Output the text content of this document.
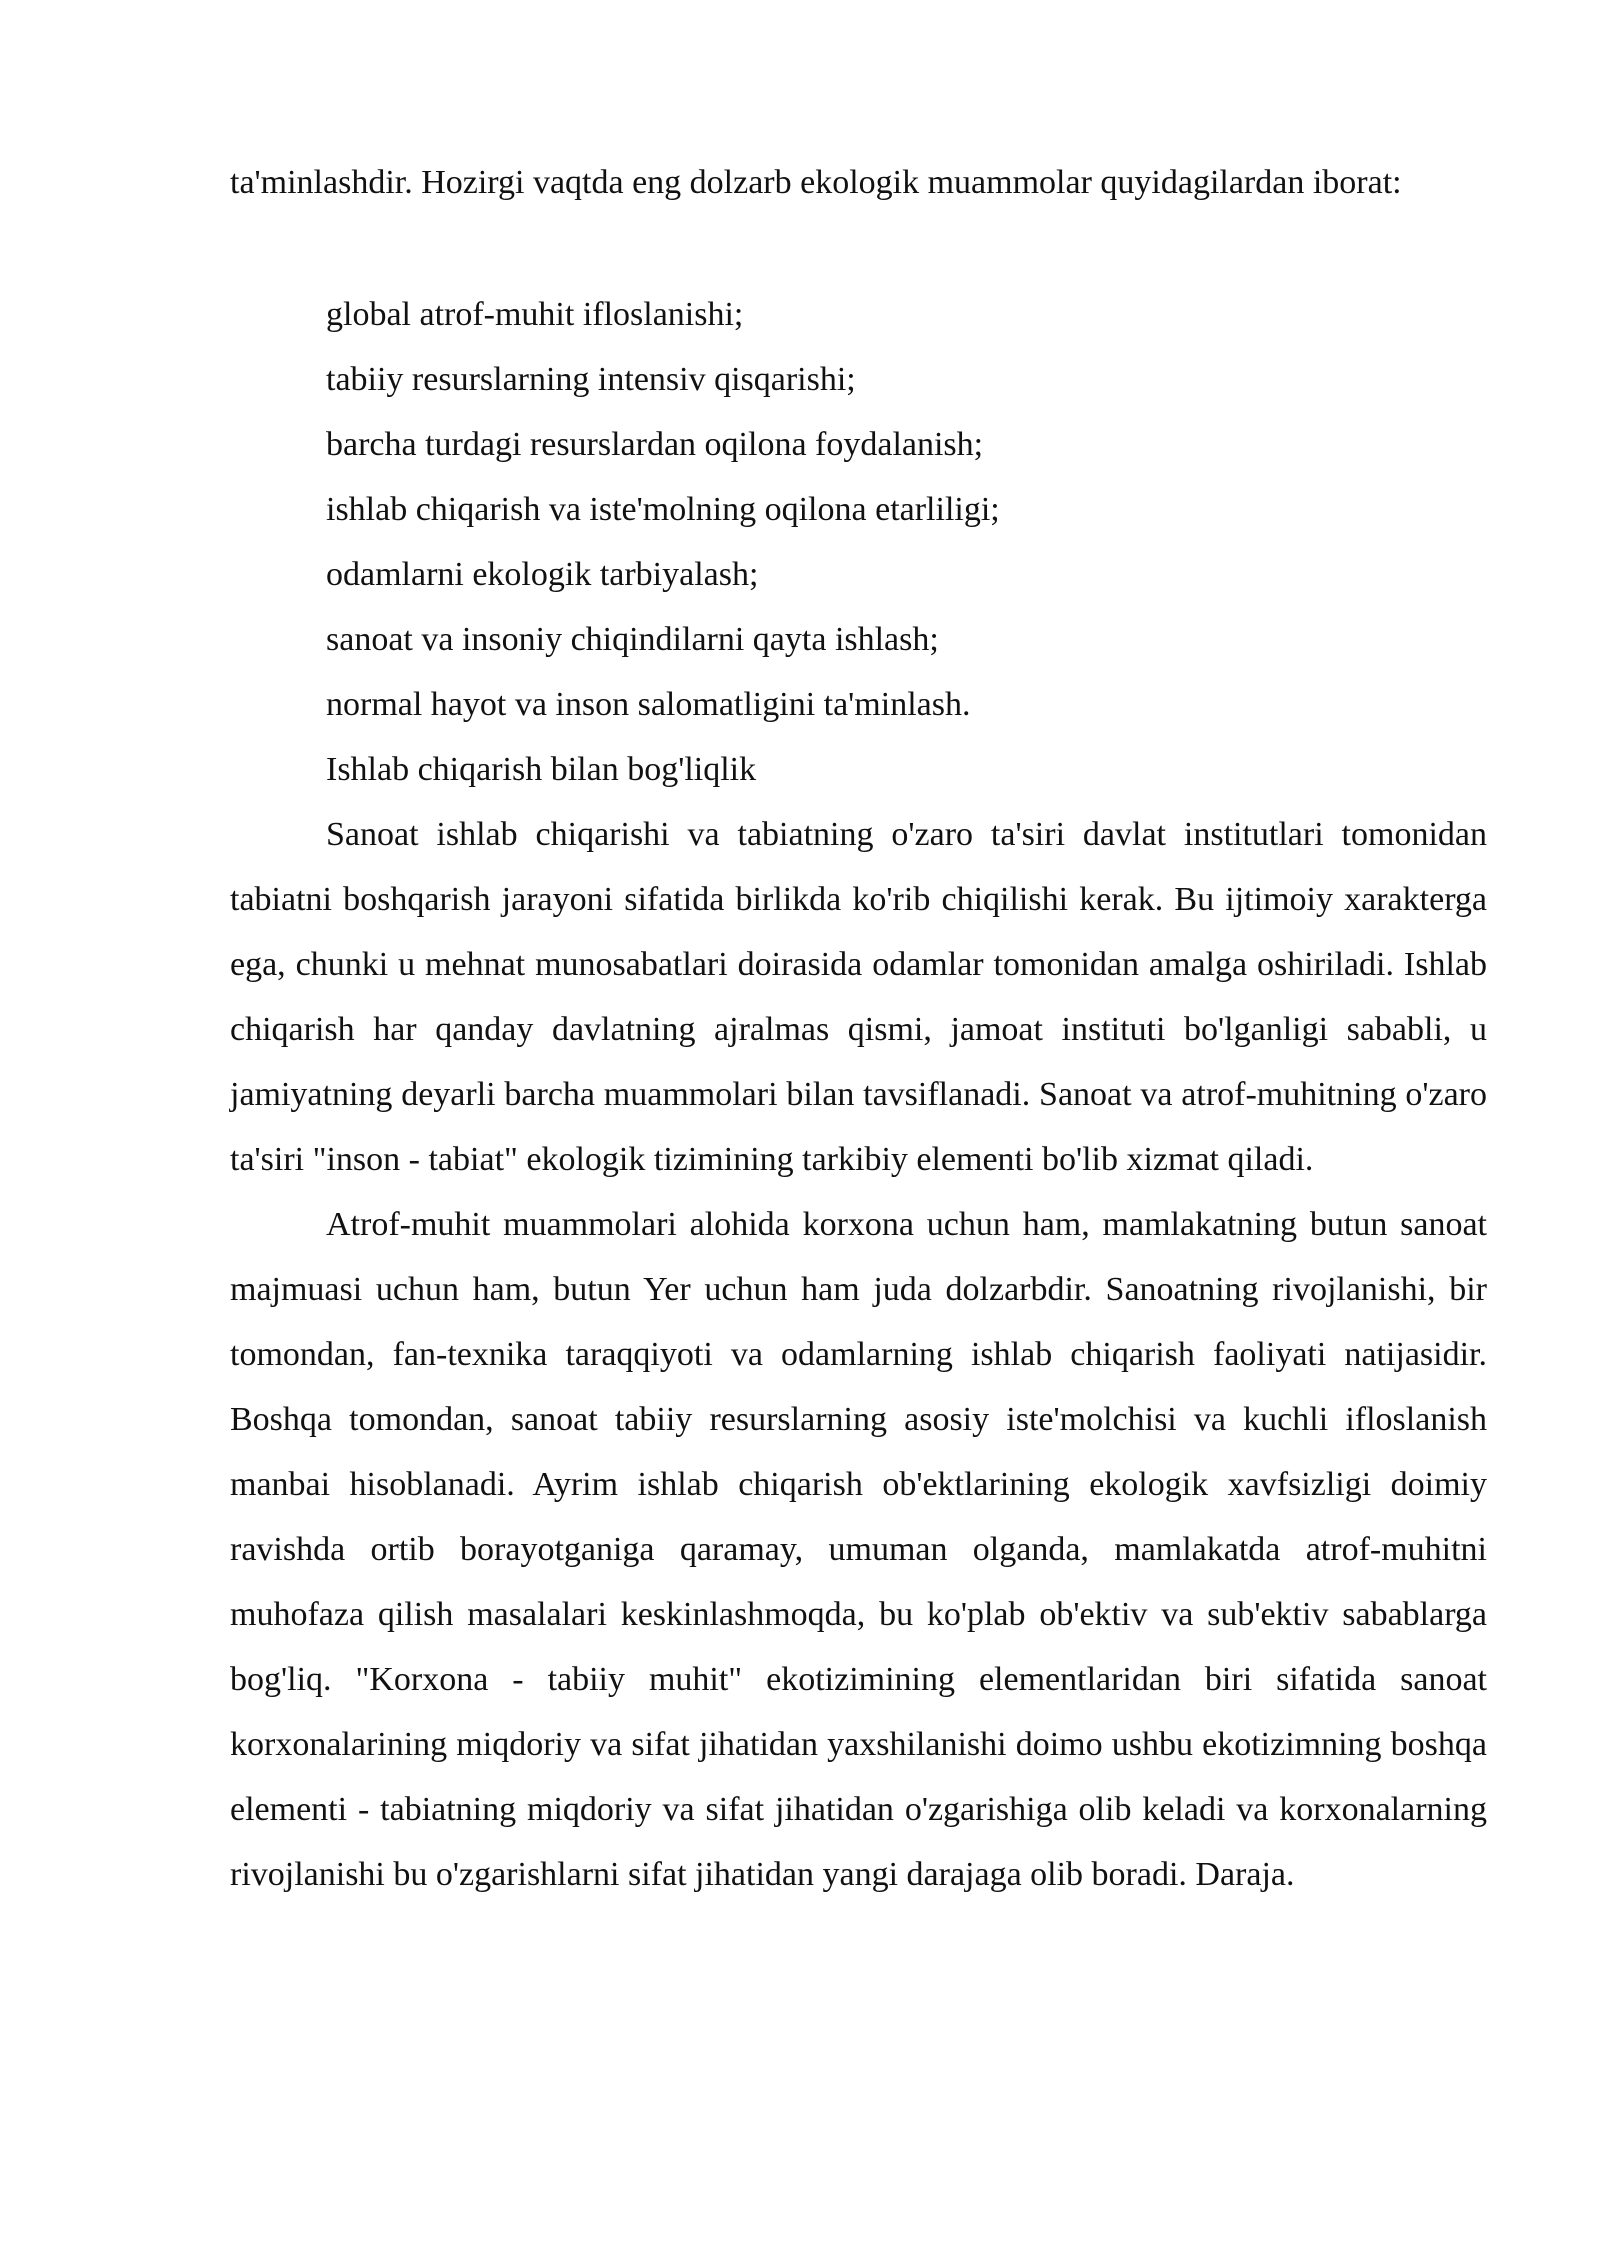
ta'minlashdir. Hozirgi vaqtda eng dolzarb ekologik muammolar quyidagilardan iborat:

global atrof-muhit ifloslanishi;
tabiiy resurslarning intensiv qisqarishi;
barcha turdagi resurslardan oqilona foydalanish;
ishlab chiqarish va iste'molning oqilona etarliligi;
odamlarni ekologik tarbiyalash;
sanoat va insoniy chiqindilarni qayta ishlash;
normal hayot va inson salomatligini ta'minlash.

Ishlab chiqarish bilan bog'liqlik

Sanoat ishlab chiqarishi va tabiatning o'zaro ta'siri davlat institutlari tomonidan tabiatni boshqarish jarayoni sifatida birlikda ko'rib chiqilishi kerak. Bu ijtimoiy xarakterga ega, chunki u mehnat munosabatlari doirasida odamlar tomonidan amalga oshiriladi. Ishlab chiqarish har qanday davlatning ajralmas qismi, jamoat instituti bo'lganligi sababli, u jamiyatning deyarli barcha muammolari bilan tavsiflanadi. Sanoat va atrof-muhitning o'zaro ta'siri "inson - tabiat" ekologik tizimining tarkibiy elementi bo'lib xizmat qiladi.

Atrof-muhit muammolari alohida korxona uchun ham, mamlakatning butun sanoat majmuasi uchun ham, butun Yer uchun ham juda dolzarbdir. Sanoatning rivojlanishi, bir tomondan, fan-texnika taraqqiyoti va odamlarning ishlab chiqarish faoliyati natijasidir. Boshqa tomondan, sanoat tabiiy resurslarning asosiy iste'molchisi va kuchli ifloslanish manbai hisoblanadi. Ayrim ishlab chiqarish ob'ektlarining ekologik xavfsizligi doimiy ravishda ortib borayotganiga qaramay, umuman olganda, mamlakatda atrof-muhitni muhofaza qilish masalalari keskinlashmoqda, bu ko'plab ob'ektiv va sub'ektiv sabablarga bog'liq. "Korxona - tabiiy muhit" ekotizimining elementlaridan biri sifatida sanoat korxonalarining miqdoriy va sifat jihatidan yaxshilanishi doimo ushbu ekotizimning boshqa elementi - tabiatning miqdoriy va sifat jihatidan o'zgarishiga olib keladi va korxonalarning rivojlanishi bu o'zgarishlarni sifat jihatidan yangi darajaga olib boradi. Daraja.
